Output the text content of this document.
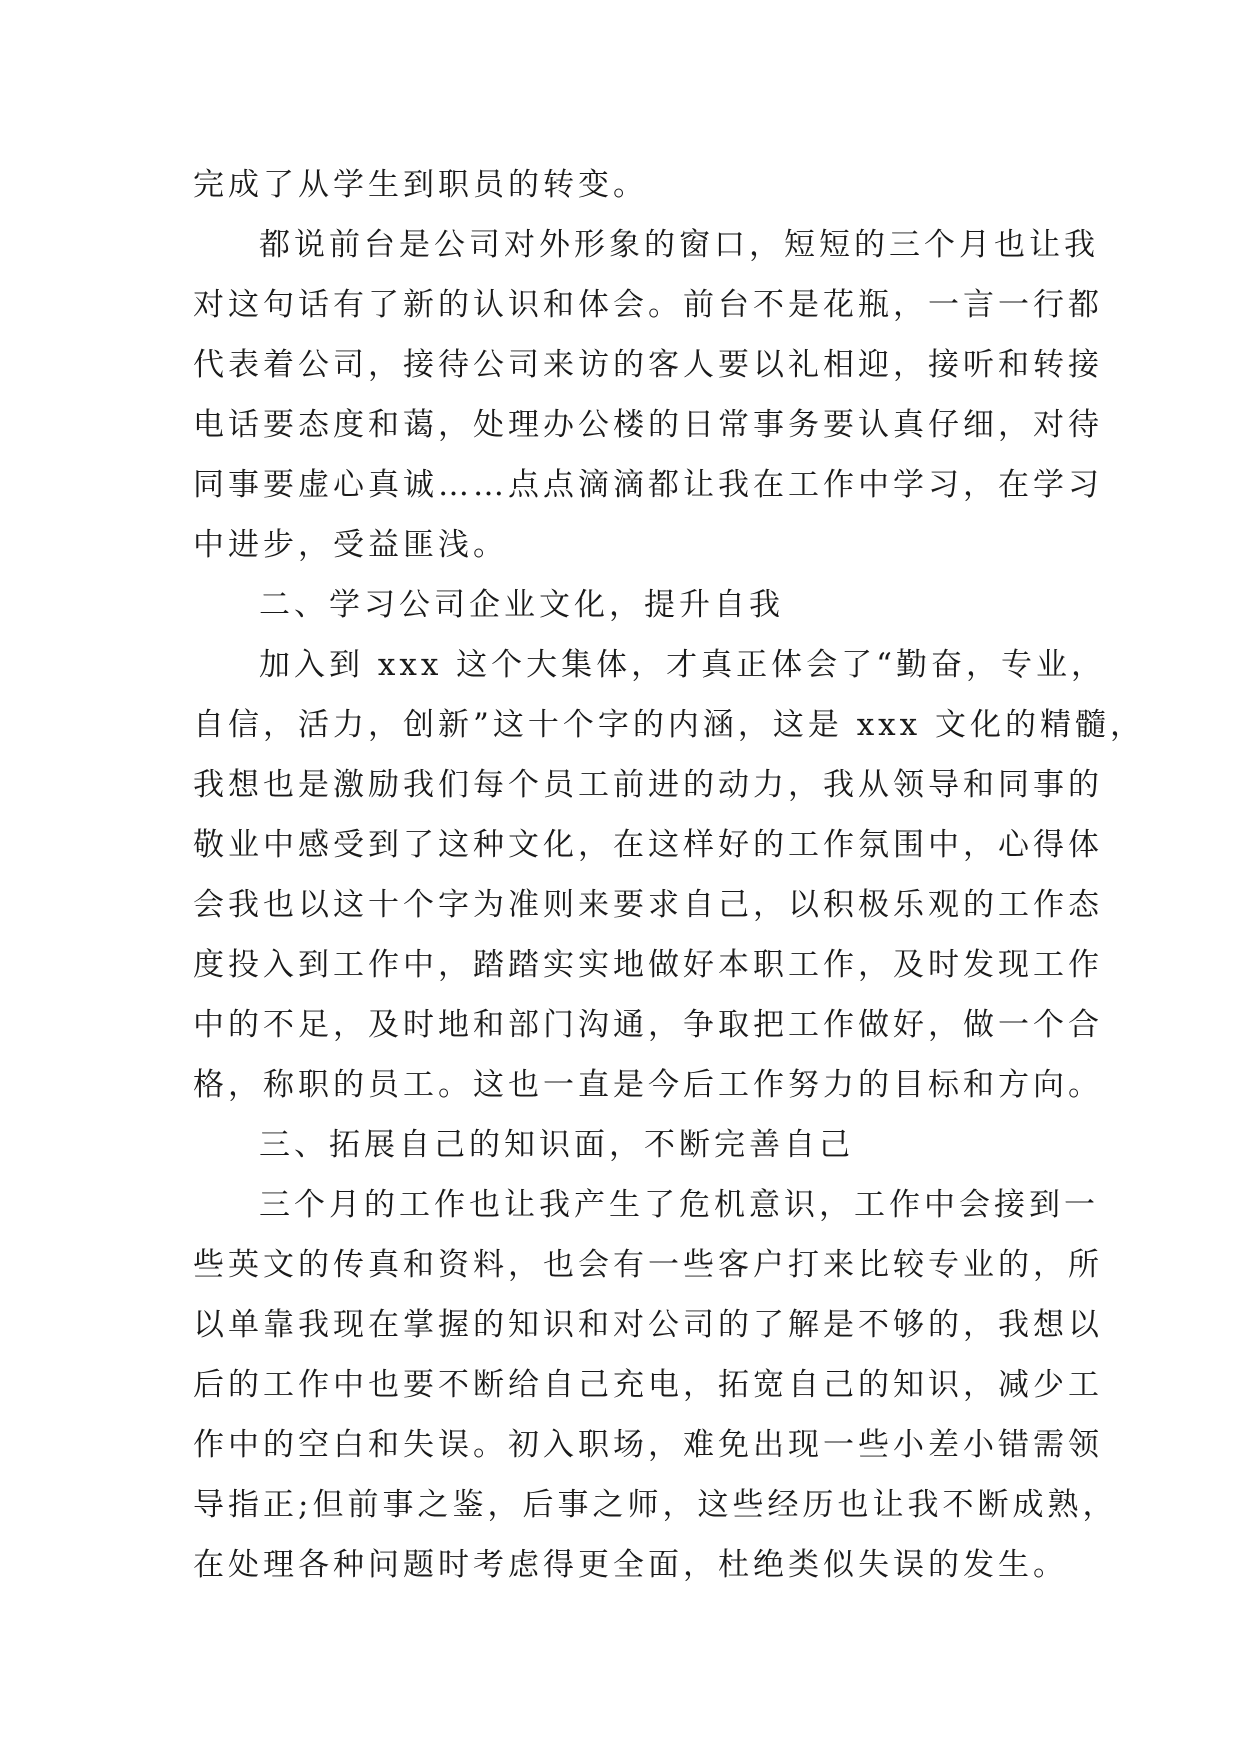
完成了从学生到职员的转变。
都说前台是公司对外形象的窗口，短短的三个月也让我
对这句话有了新的认识和体会。前台不是花瓶，一言一行都
代表着公司，接待公司来访的客人要以礼相迎，接听和转接
电话要态度和蔼，处理办公楼的日常事务要认真仔细，对待
同事要虚心真诚……点点滴滴都让我在工作中学习，在学习
中进步，受益匪浅。
二、学习公司企业文化，提升自我
加入到 xxx 这个大集体，才真正体会了“勤奋，专业，
自信，活力，创新”这十个字的内涵，这是 xxx 文化的精髓，
我想也是激励我们每个员工前进的动力，我从领导和同事的
敬业中感受到了这种文化，在这样好的工作氛围中，心得体
会我也以这十个字为准则来要求自己，以积极乐观的工作态
度投入到工作中，踏踏实实地做好本职工作，及时发现工作
中的不足，及时地和部门沟通，争取把工作做好，做一个合
格，称职的员工。这也一直是今后工作努力的目标和方向。
三、拓展自己的知识面，不断完善自己
三个月的工作也让我产生了危机意识，工作中会接到一
些英文的传真和资料，也会有一些客户打来比较专业的，所
以单靠我现在掌握的知识和对公司的了解是不够的，我想以
后的工作中也要不断给自己充电，拓宽自己的知识，减少工
作中的空白和失误。初入职场，难免出现一些小差小错需领
导指正;但前事之鉴，后事之师，这些经历也让我不断成熟，
在处理各种问题时考虑得更全面，杜绝类似失误的发生。
